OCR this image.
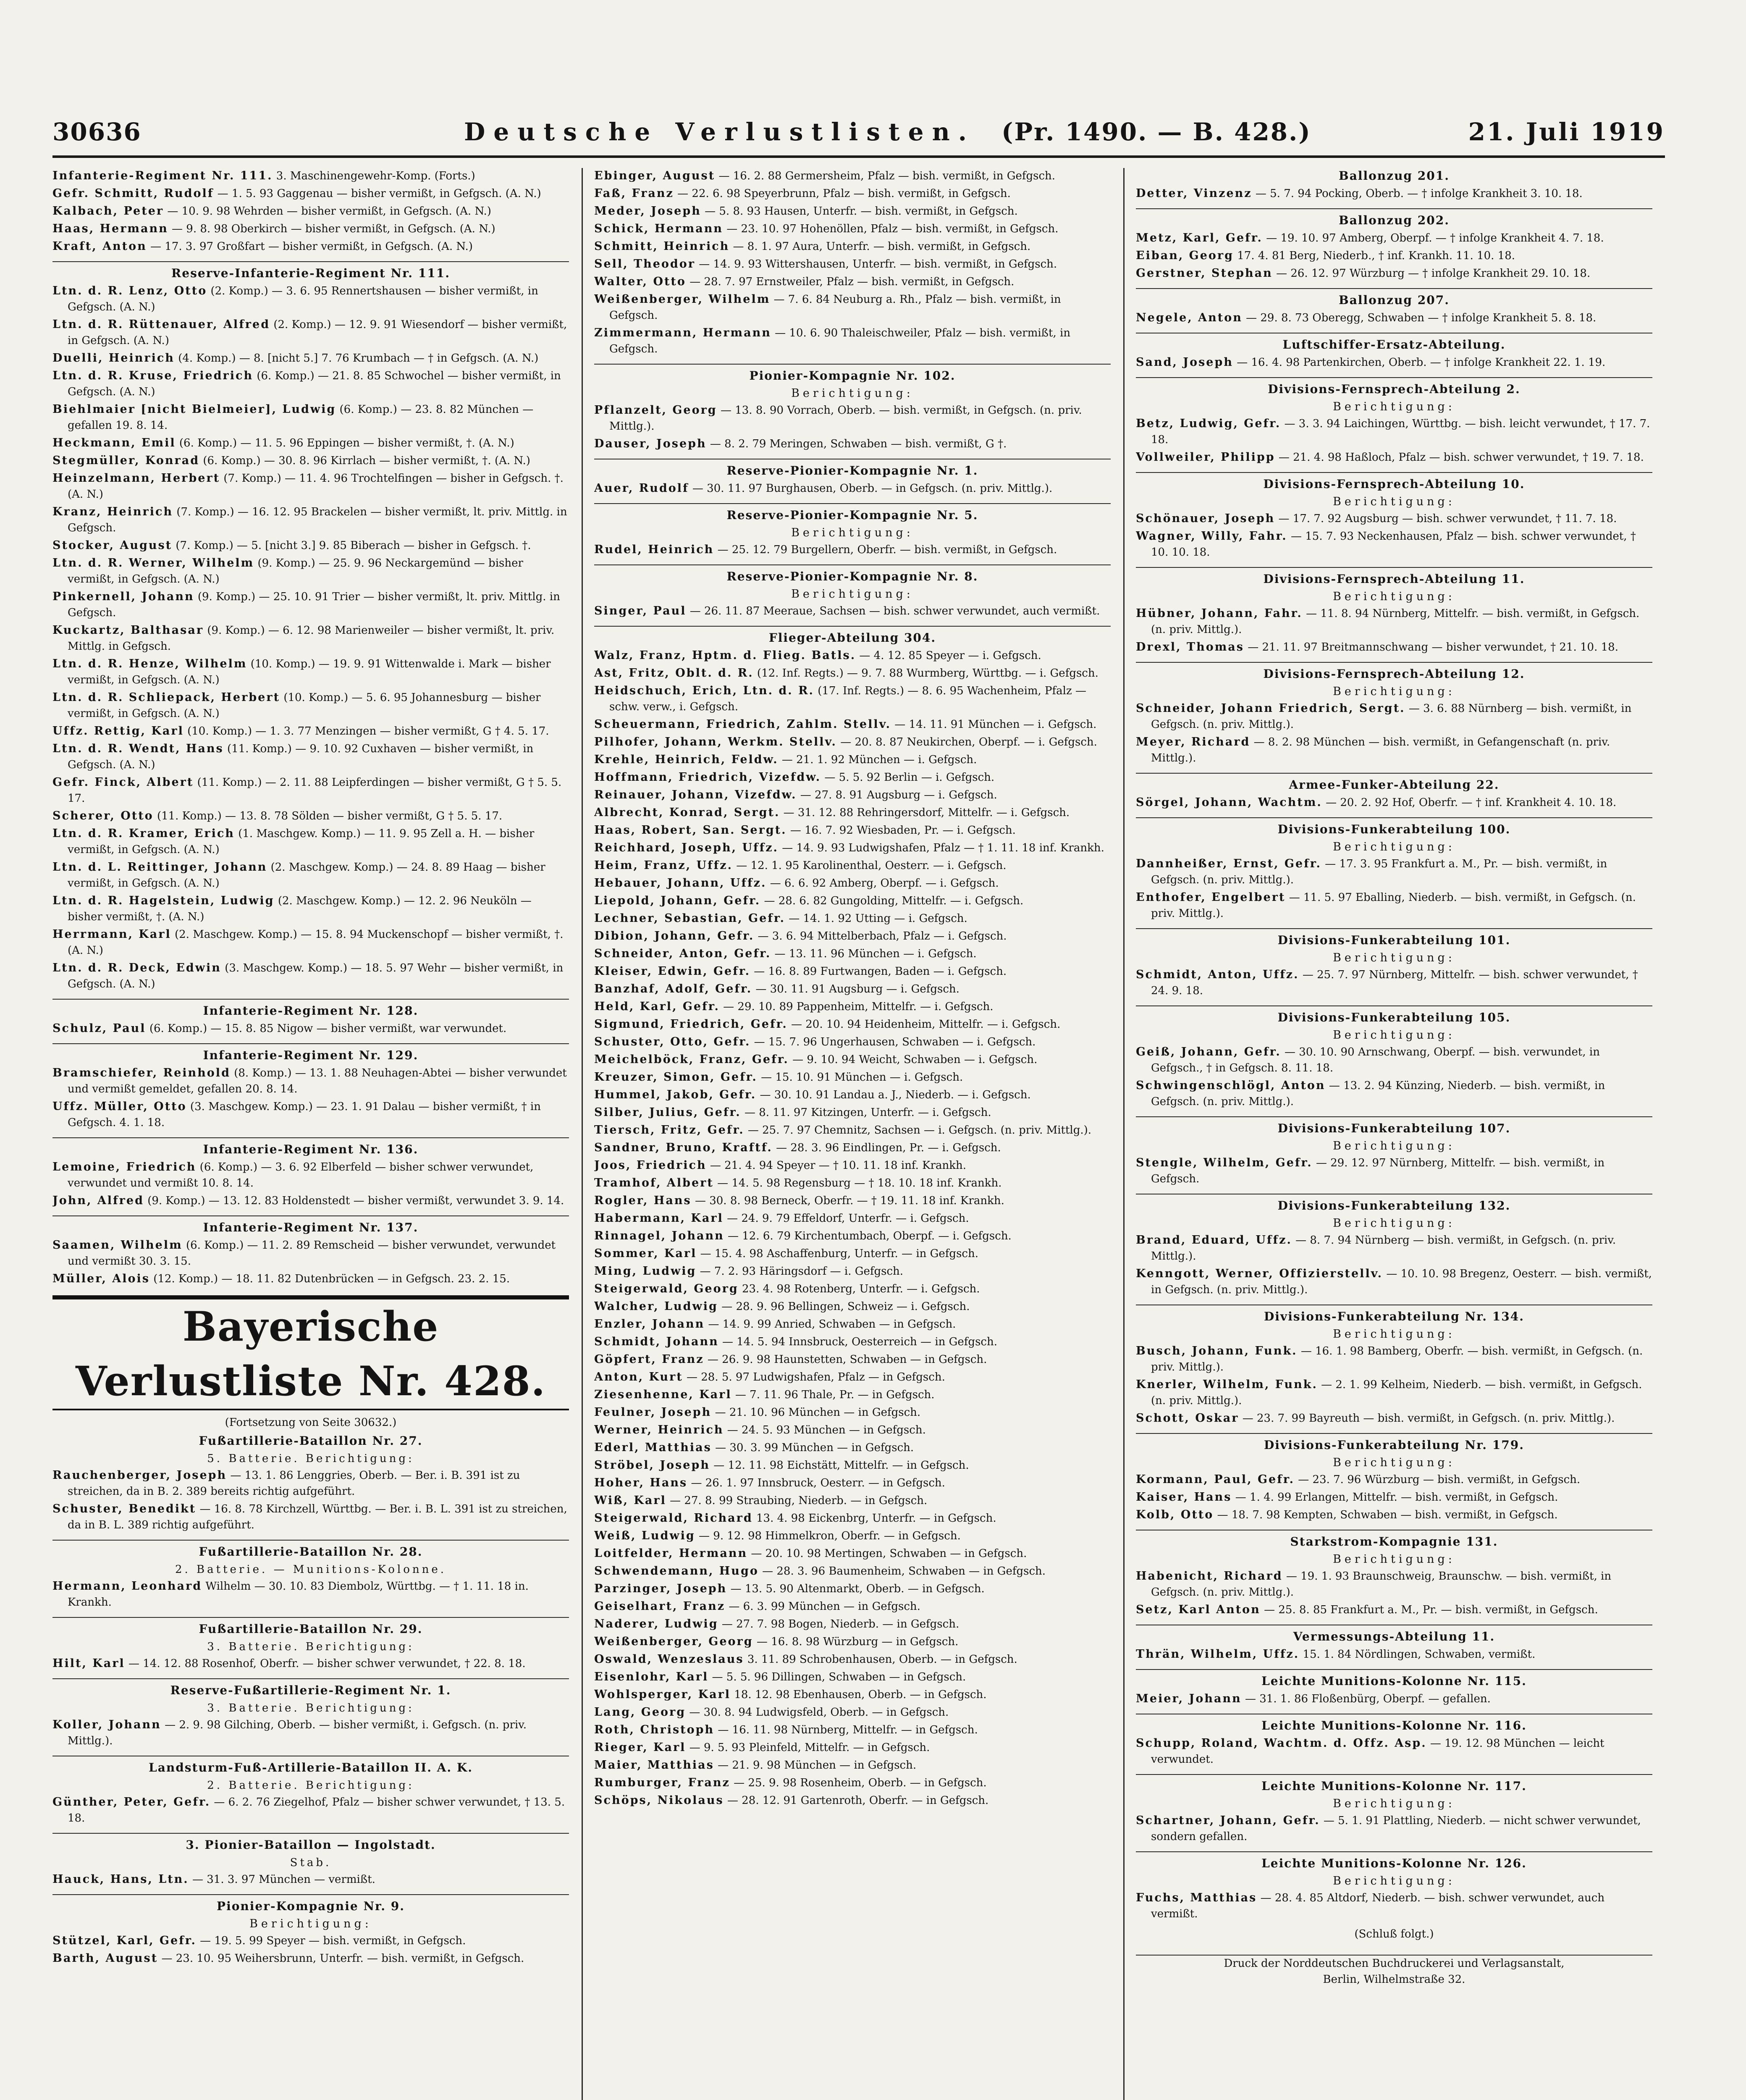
30636	Deutsche Verlustlisten. (Pr. 1490. — B. 428.)	21. Juli 1919
Infanterie-Regiment Nr. 111. 3. Maschinengewehr-Komp. (Forts.)
Gefr. Schmitt, Rudolf — 1. 5. 93 Gaggenau — bisher vermißt, in Gefgsch. (A. N.)
Kalbach, Peter — 10. 9. 98 Wehrden — bisher vermißt, in Gefgsch. (A. N.)
Haas, Hermann — 9. 8. 98 Oberkirch — bisher vermißt, in Gefgsch. (A. N.)
Kraft, Anton — 17. 3. 97 Großfart — bisher vermißt, in Gefgsch. (A. N.)
Reserve-Infanterie-Regiment Nr. 111.
Ltn. d. R. Lenz, Otto (2. Komp.) — 3. 6. 95 Rennertshausen — bisher vermißt, in Gefgsch. (A. N.)
Ltn. d. R. Rüttenauer, Alfred (2. Komp.) — 12. 9. 91 Wiesendorf — bisher vermißt, in Gefgsch. (A. N.)
Duelli, Heinrich (4. Komp.) — 8. [nicht 5.] 7. 76 Krumbach — † in Gefgsch. (A. N.)
Ltn. d. R. Kruse, Friedrich (6. Komp.) — 21. 8. 85 Schwochel — bisher vermißt, in Gefgsch. (A. N.)
Biehlmaier [nicht Bielmeier], Ludwig (6. Komp.) — 23. 8. 82 München — gefallen 19. 8. 14.
Heckmann, Emil (6. Komp.) — 11. 5. 96 Eppingen — bisher vermißt, †. (A. N.)
Stegmüller, Konrad (6. Komp.) — 30. 8. 96 Kirrlach — bisher vermißt, †. (A. N.)
Heinzelmann, Herbert (7. Komp.) — 11. 4. 96 Trochtelfingen — bisher in Gefgsch. †. (A. N.)
Kranz, Heinrich (7. Komp.) — 16. 12. 95 Brackelen — bisher vermißt, lt. priv. Mittlg. in Gefgsch.
Stocker, August (7. Komp.) — 5. [nicht 3.] 9. 85 Biberach — bisher in Gefgsch. †.
Ltn. d. R. Werner, Wilhelm (9. Komp.) — 25. 9. 96 Neckargemünd — bisher vermißt, in Gefgsch. (A. N.)
Pinkernell, Johann (9. Komp.) — 25. 10. 91 Trier — bisher vermißt, lt. priv. Mittlg. in Gefgsch.
Kuckartz, Balthasar (9. Komp.) — 6. 12. 98 Marienweiler — bisher vermißt, lt. priv. Mittlg. in Gefgsch.
Ltn. d. R. Henze, Wilhelm (10. Komp.) — 19. 9. 91 Wittenwalde i. Mark — bisher vermißt, in Gefgsch. (A. N.)
Ltn. d. R. Schliepack, Herbert (10. Komp.) — 5. 6. 95 Johannesburg — bisher vermißt, in Gefgsch. (A. N.)
Uffz. Rettig, Karl (10. Komp.) — 1. 3. 77 Menzingen — bisher vermißt, G † 4. 5. 17.
Ltn. d. R. Wendt, Hans (11. Komp.) — 9. 10. 92 Cuxhaven — bisher vermißt, in Gefgsch. (A. N.)
Gefr. Finck, Albert (11. Komp.) — 2. 11. 88 Leipferdingen — bisher vermißt, G † 5. 5. 17.
Scherer, Otto (11. Komp.) — 13. 8. 78 Sölden — bisher vermißt, G † 5. 5. 17.
Ltn. d. R. Kramer, Erich (1. Maschgew. Komp.) — 11. 9. 95 Zell a. H. — bisher vermißt, in Gefgsch. (A. N.)
Ltn. d. L. Reittinger, Johann (2. Maschgew. Komp.) — 24. 8. 89 Haag — bisher vermißt, in Gefgsch. (A. N.)
Ltn. d. R. Hagelstein, Ludwig (2. Maschgew. Komp.) — 12. 2. 96 Neuköln — bisher vermißt, †. (A. N.)
Herrmann, Karl (2. Maschgew. Komp.) — 15. 8. 94 Muckenschopf — bisher vermißt, †. (A. N.)
Ltn. d. R. Deck, Edwin (3. Maschgew. Komp.) — 18. 5. 97 Wehr — bisher vermißt, in Gefgsch. (A. N.)
Infanterie-Regiment Nr. 128.
Schulz, Paul (6. Komp.) — 15. 8. 85 Nigow — bisher vermißt, war verwundet.
Infanterie-Regiment Nr. 129.
Bramschiefer, Reinhold (8. Komp.) — 13. 1. 88 Neuhagen-Abtei — bisher verwundet und vermißt gemeldet, gefallen 20. 8. 14.
Uffz. Müller, Otto (3. Maschgew. Komp.) — 23. 1. 91 Dalau — bisher vermißt, † in Gefgsch. 4. 1. 18.
Infanterie-Regiment Nr. 136.
Lemoine, Friedrich (6. Komp.) — 3. 6. 92 Elberfeld — bisher schwer verwundet, verwundet und vermißt 10. 8. 14.
John, Alfred (9. Komp.) — 13. 12. 83 Holdenstedt — bisher vermißt, verwundet 3. 9. 14.
Infanterie-Regiment Nr. 137.
Saamen, Wilhelm (6. Komp.) — 11. 2. 89 Remscheid — bisher verwundet, verwundet und vermißt 30. 3. 15.
Müller, Alois (12. Komp.) — 18. 11. 82 Dutenbrücken — in Gefgsch. 23. 2. 15.
Bayerische Verlustliste Nr. 428.
(Fortsetzung von Seite 30632.)
Fußartillerie-Bataillon Nr. 27.
5. Batterie. Berichtigung:
Rauchenberger, Joseph — 13. 1. 86 Lenggries, Oberb. — Ber. i. B. 391 ist zu streichen, da in B. 2. 389 bereits richtig aufgeführt.
Schuster, Benedikt — 16. 8. 78 Kirchzell, Württbg. — Ber. i. B. L. 391 ist zu streichen, da in B. L. 389 richtig aufgeführt.
Fußartillerie-Bataillon Nr. 28.
2. Batterie. — Munitions-Kolonne.
Hermann, Leonhard Wilhelm — 30. 10. 83 Diembolz, Württbg. — † 1. 11. 18 in. Krankh.
Fußartillerie-Bataillon Nr. 29.
3. Batterie. Berichtigung:
Hilt, Karl — 14. 12. 88 Rosenhof, Oberfr. — bisher schwer verwundet, † 22. 8. 18.
Reserve-Fußartillerie-Regiment Nr. 1.
3. Batterie. Berichtigung:
Koller, Johann — 2. 9. 98 Gilching, Oberb. — bisher vermißt, i. Gefgsch. (n. priv. Mittlg.).
Landsturm-Fuß-Artillerie-Bataillon II. A. K.
2. Batterie. Berichtigung:
Günther, Peter, Gefr. — 6. 2. 76 Ziegelhof, Pfalz — bisher schwer verwundet, † 13. 5. 18.
3. Pionier-Bataillon — Ingolstadt.
Stab.
Hauck, Hans, Ltn. — 31. 3. 97 München — vermißt.
Pionier-Kompagnie Nr. 9.
Berichtigung:
Stützel, Karl, Gefr. — 19. 5. 99 Speyer — bish. vermißt, in Gefgsch.
Barth, August — 23. 10. 95 Weihersbrunn, Unterfr. — bish. vermißt, in Gefgsch.
Ebinger, August — 16. 2. 88 Germersheim, Pfalz — bish. vermißt, in Gefgsch.
Faß, Franz — 22. 6. 98 Speyerbrunn, Pfalz — bish. vermißt, in Gefgsch.
Meder, Joseph — 5. 8. 93 Hausen, Unterfr. — bish. vermißt, in Gefgsch.
Schick, Hermann — 23. 10. 97 Hohenöllen, Pfalz — bish. vermißt, in Gefgsch.
Schmitt, Heinrich — 8. 1. 97 Aura, Unterfr. — bish. vermißt, in Gefgsch.
Sell, Theodor — 14. 9. 93 Wittershausen, Unterfr. — bish. vermißt, in Gefgsch.
Walter, Otto — 28. 7. 97 Ernstweiler, Pfalz — bish. vermißt, in Gefgsch.
Weißenberger, Wilhelm — 7. 6. 84 Neuburg a. Rh., Pfalz — bish. vermißt, in Gefgsch.
Zimmermann, Hermann — 10. 6. 90 Thaleischweiler, Pfalz — bish. vermißt, in Gefgsch.
Pionier-Kompagnie Nr. 102.
Berichtigung:
Pflanzelt, Georg — 13. 8. 90 Vorrach, Oberb. — bish. vermißt, in Gefgsch. (n. priv. Mittlg.).
Dauser, Joseph — 8. 2. 79 Meringen, Schwaben — bish. vermißt, G †.
Reserve-Pionier-Kompagnie Nr. 1.
Auer, Rudolf — 30. 11. 97 Burghausen, Oberb. — in Gefgsch. (n. priv. Mittlg.).
Reserve-Pionier-Kompagnie Nr. 5.
Berichtigung:
Rudel, Heinrich — 25. 12. 79 Burgellern, Oberfr. — bish. vermißt, in Gefgsch.
Reserve-Pionier-Kompagnie Nr. 8.
Berichtigung:
Singer, Paul — 26. 11. 87 Meeraue, Sachsen — bish. schwer verwundet, auch vermißt.
Flieger-Abteilung 304.
Walz, Franz, Hptm. d. Flieg. Batls. — 4. 12. 85 Speyer — i. Gefgsch.
Ast, Fritz, Oblt. d. R. (12. Inf. Regts.) — 9. 7. 88 Wurmberg, Württbg. — i. Gefgsch.
Heidschuch, Erich, Ltn. d. R. (17. Inf. Regts.) — 8. 6. 95 Wachenheim, Pfalz — schw. verw., i. Gefgsch.
Scheuermann, Friedrich, Zahlm. Stellv. — 14. 11. 91 München — i. Gefgsch.
Pilhofer, Johann, Werkm. Stellv. — 20. 8. 87 Neukirchen, Oberpf. — i. Gefgsch.
Krehle, Heinrich, Feldw. — 21. 1. 92 München — i. Gefgsch.
Hoffmann, Friedrich, Vizefdw. — 5. 5. 92 Berlin — i. Gefgsch.
Reinauer, Johann, Vizefdw. — 27. 8. 91 Augsburg — i. Gefgsch.
Albrecht, Konrad, Sergt. — 31. 12. 88 Rehringersdorf, Mittelfr. — i. Gefgsch.
Haas, Robert, San. Sergt. — 16. 7. 92 Wiesbaden, Pr. — i. Gefgsch.
Reichhard, Joseph, Uffz. — 14. 9. 93 Ludwigshafen, Pfalz — † 1. 11. 18 inf. Krankh.
Heim, Franz, Uffz. — 12. 1. 95 Karolinenthal, Oesterr. — i. Gefgsch.
Hebauer, Johann, Uffz. — 6. 6. 92 Amberg, Oberpf. — i. Gefgsch.
Liepold, Johann, Gefr. — 28. 6. 82 Gungolding, Mittelfr. — i. Gefgsch.
Lechner, Sebastian, Gefr. — 14. 1. 92 Utting — i. Gefgsch.
Dibion, Johann, Gefr. — 3. 6. 94 Mittelberbach, Pfalz — i. Gefgsch.
Schneider, Anton, Gefr. — 13. 11. 96 München — i. Gefgsch.
Kleiser, Edwin, Gefr. — 16. 8. 89 Furtwangen, Baden — i. Gefgsch.
Banzhaf, Adolf, Gefr. — 30. 11. 91 Augsburg — i. Gefgsch.
Held, Karl, Gefr. — 29. 10. 89 Pappenheim, Mittelfr. — i. Gefgsch.
Sigmund, Friedrich, Gefr. — 20. 10. 94 Heidenheim, Mittelfr. — i. Gefgsch.
Schuster, Otto, Gefr. — 15. 7. 96 Ungerhausen, Schwaben — i. Gefgsch.
Meichelböck, Franz, Gefr. — 9. 10. 94 Weicht, Schwaben — i. Gefgsch.
Kreuzer, Simon, Gefr. — 15. 10. 91 München — i. Gefgsch.
Hummel, Jakob, Gefr. — 30. 10. 91 Landau a. J., Niederb. — i. Gefgsch.
Silber, Julius, Gefr. — 8. 11. 97 Kitzingen, Unterfr. — i. Gefgsch.
Tiersch, Fritz, Gefr. — 25. 7. 97 Chemnitz, Sachsen — i. Gefgsch. (n. priv. Mittlg.).
Sandner, Bruno, Kraftf. — 28. 3. 96 Eindlingen, Pr. — i. Gefgsch.
Joos, Friedrich — 21. 4. 94 Speyer — † 10. 11. 18 inf. Krankh.
Tramhof, Albert — 14. 5. 98 Regensburg — † 18. 10. 18 inf. Krankh.
Rogler, Hans — 30. 8. 98 Berneck, Oberfr. — † 19. 11. 18 inf. Krankh.
Habermann, Karl — 24. 9. 79 Effeldorf, Unterfr. — i. Gefgsch.
Rinnagel, Johann — 12. 6. 79 Kirchentumbach, Oberpf. — i. Gefgsch.
Sommer, Karl — 15. 4. 98 Aschaffenburg, Unterfr. — in Gefgsch.
Ming, Ludwig — 7. 2. 93 Häringsdorf — i. Gefgsch.
Steigerwald, Georg 23. 4. 98 Rotenberg, Unterfr. — i. Gefgsch.
Walcher, Ludwig — 28. 9. 96 Bellingen, Schweiz — i. Gefgsch.
Enzler, Johann — 14. 9. 99 Anried, Schwaben — in Gefgsch.
Schmidt, Johann — 14. 5. 94 Innsbruck, Oesterreich — in Gefgsch.
Göpfert, Franz — 26. 9. 98 Haunstetten, Schwaben — in Gefgsch.
Anton, Kurt — 28. 5. 97 Ludwigshafen, Pfalz — in Gefgsch.
Ziesenhenne, Karl — 7. 11. 96 Thale, Pr. — in Gefgsch.
Feulner, Joseph — 21. 10. 96 München — in Gefgsch.
Werner, Heinrich — 24. 5. 93 München — in Gefgsch.
Ederl, Matthias — 30. 3. 99 München — in Gefgsch.
Ströbel, Joseph — 12. 11. 98 Eichstätt, Mittelfr. — in Gefgsch.
Hoher, Hans — 26. 1. 97 Innsbruck, Oesterr. — in Gefgsch.
Wiß, Karl — 27. 8. 99 Straubing, Niederb. — in Gefgsch.
Steigerwald, Richard 13. 4. 98 Eickenbrg, Unterfr. — in Gefgsch.
Weiß, Ludwig — 9. 12. 98 Himmelkron, Oberfr. — in Gefgsch.
Loitfelder, Hermann — 20. 10. 98 Mertingen, Schwaben — in Gefgsch.
Schwendemann, Hugo — 28. 3. 96 Baumenheim, Schwaben — in Gefgsch.
Parzinger, Joseph — 13. 5. 90 Altenmarkt, Oberb. — in Gefgsch.
Geiselhart, Franz — 6. 3. 99 München — in Gefgsch.
Naderer, Ludwig — 27. 7. 98 Bogen, Niederb. — in Gefgsch.
Weißenberger, Georg — 16. 8. 98 Würzburg — in Gefgsch.
Oswald, Wenzeslaus 3. 11. 89 Schrobenhausen, Oberb. — in Gefgsch.
Eisenlohr, Karl — 5. 5. 96 Dillingen, Schwaben — in Gefgsch.
Wohlsperger, Karl 18. 12. 98 Ebenhausen, Oberb. — in Gefgsch.
Lang, Georg — 30. 8. 94 Ludwigsfeld, Oberb. — in Gefgsch.
Roth, Christoph — 16. 11. 98 Nürnberg, Mittelfr. — in Gefgsch.
Rieger, Karl — 9. 5. 93 Pleinfeld, Mittelfr. — in Gefgsch.
Maier, Matthias — 21. 9. 98 München — in Gefgsch.
Rumburger, Franz — 25. 9. 98 Rosenheim, Oberb. — in Gefgsch.
Schöps, Nikolaus — 28. 12. 91 Gartenroth, Oberfr. — in Gefgsch.
Ballonzug 201.
Detter, Vinzenz — 5. 7. 94 Pocking, Oberb. — † infolge Krankheit 3. 10. 18.
Ballonzug 202.
Metz, Karl, Gefr. — 19. 10. 97 Amberg, Oberpf. — † infolge Krankheit 4. 7. 18.
Eiban, Georg 17. 4. 81 Berg, Niederb., † inf. Krankh. 11. 10. 18.
Gerstner, Stephan — 26. 12. 97 Würzburg — † infolge Krankheit 29. 10. 18.
Ballonzug 207.
Negele, Anton — 29. 8. 73 Oberegg, Schwaben — † infolge Krankheit 5. 8. 18.
Luftschiffer-Ersatz-Abteilung.
Sand, Joseph — 16. 4. 98 Partenkirchen, Oberb. — † infolge Krankheit 22. 1. 19.
Divisions-Fernsprech-Abteilung 2.
Berichtigung:
Betz, Ludwig, Gefr. — 3. 3. 94 Laichingen, Württbg. — bish. leicht verwundet, † 17. 7. 18.
Vollweiler, Philipp — 21. 4. 98 Haßloch, Pfalz — bish. schwer verwundet, † 19. 7. 18.
Divisions-Fernsprech-Abteilung 10.
Berichtigung:
Schönauer, Joseph — 17. 7. 92 Augsburg — bish. schwer verwundet, † 11. 7. 18.
Wagner, Willy, Fahr. — 15. 7. 93 Neckenhausen, Pfalz — bish. schwer verwundet, † 10. 10. 18.
Divisions-Fernsprech-Abteilung 11.
Berichtigung:
Hübner, Johann, Fahr. — 11. 8. 94 Nürnberg, Mittelfr. — bish. vermißt, in Gefgsch. (n. priv. Mittlg.).
Drexl, Thomas — 21. 11. 97 Breitmannschwang — bisher verwundet, † 21. 10. 18.
Divisions-Fernsprech-Abteilung 12.
Berichtigung:
Schneider, Johann Friedrich, Sergt. — 3. 6. 88 Nürnberg — bish. vermißt, in Gefgsch. (n. priv. Mittlg.).
Meyer, Richard — 8. 2. 98 München — bish. vermißt, in Gefangenschaft (n. priv. Mittlg.).
Armee-Funker-Abteilung 22.
Sörgel, Johann, Wachtm. — 20. 2. 92 Hof, Oberfr. — † inf. Krankheit 4. 10. 18.
Divisions-Funkerabteilung 100.
Berichtigung:
Dannheißer, Ernst, Gefr. — 17. 3. 95 Frankfurt a. M., Pr. — bish. vermißt, in Gefgsch. (n. priv. Mittlg.).
Enthofer, Engelbert — 11. 5. 97 Eballing, Niederb. — bish. vermißt, in Gefgsch. (n. priv. Mittlg.).
Divisions-Funkerabteilung 101.
Berichtigung:
Schmidt, Anton, Uffz. — 25. 7. 97 Nürnberg, Mittelfr. — bish. schwer verwundet, † 24. 9. 18.
Divisions-Funkerabteilung 105.
Berichtigung:
Geiß, Johann, Gefr. — 30. 10. 90 Arnschwang, Oberpf. — bish. verwundet, in Gefgsch., † in Gefgsch. 8. 11. 18.
Schwingenschlögl, Anton — 13. 2. 94 Künzing, Niederb. — bish. vermißt, in Gefgsch. (n. priv. Mittlg.).
Divisions-Funkerabteilung 107.
Berichtigung:
Stengle, Wilhelm, Gefr. — 29. 12. 97 Nürnberg, Mittelfr. — bish. vermißt, in Gefgsch.
Divisions-Funkerabteilung 132.
Berichtigung:
Brand, Eduard, Uffz. — 8. 7. 94 Nürnberg — bish. vermißt, in Gefgsch. (n. priv. Mittlg.).
Kenngott, Werner, Offizierstellv. — 10. 10. 98 Bregenz, Oesterr. — bish. vermißt, in Gefgsch. (n. priv. Mittlg.).
Divisions-Funkerabteilung Nr. 134.
Berichtigung:
Busch, Johann, Funk. — 16. 1. 98 Bamberg, Oberfr. — bish. vermißt, in Gefgsch. (n. priv. Mittlg.).
Knerler, Wilhelm, Funk. — 2. 1. 99 Kelheim, Niederb. — bish. vermißt, in Gefgsch. (n. priv. Mittlg.).
Schott, Oskar — 23. 7. 99 Bayreuth — bish. vermißt, in Gefgsch. (n. priv. Mittlg.).
Divisions-Funkerabteilung Nr. 179.
Berichtigung:
Kormann, Paul, Gefr. — 23. 7. 96 Würzburg — bish. vermißt, in Gefgsch.
Kaiser, Hans — 1. 4. 99 Erlangen, Mittelfr. — bish. vermißt, in Gefgsch.
Kolb, Otto — 18. 7. 98 Kempten, Schwaben — bish. vermißt, in Gefgsch.
Starkstrom-Kompagnie 131.
Berichtigung:
Habenicht, Richard — 19. 1. 93 Braunschweig, Braunschw. — bish. vermißt, in Gefgsch. (n. priv. Mittlg.).
Setz, Karl Anton — 25. 8. 85 Frankfurt a. M., Pr. — bish. vermißt, in Gefgsch.
Vermessungs-Abteilung 11.
Thrän, Wilhelm, Uffz. 15. 1. 84 Nördlingen, Schwaben, vermißt.
Leichte Munitions-Kolonne Nr. 115.
Meier, Johann — 31. 1. 86 Floßenbürg, Oberpf. — gefallen.
Leichte Munitions-Kolonne Nr. 116.
Schupp, Roland, Wachtm. d. Offz. Asp. — 19. 12. 98 München — leicht verwundet.
Leichte Munitions-Kolonne Nr. 117.
Berichtigung:
Schartner, Johann, Gefr. — 5. 1. 91 Plattling, Niederb. — nicht schwer verwundet, sondern gefallen.
Leichte Munitions-Kolonne Nr. 126.
Berichtigung:
Fuchs, Matthias — 28. 4. 85 Altdorf, Niederb. — bish. schwer verwundet, auch vermißt.
(Schluß folgt.)
Druck der Norddeutschen Buchdruckerei und Verlagsanstalt,
Berlin, Wilhelmstraße 32.
